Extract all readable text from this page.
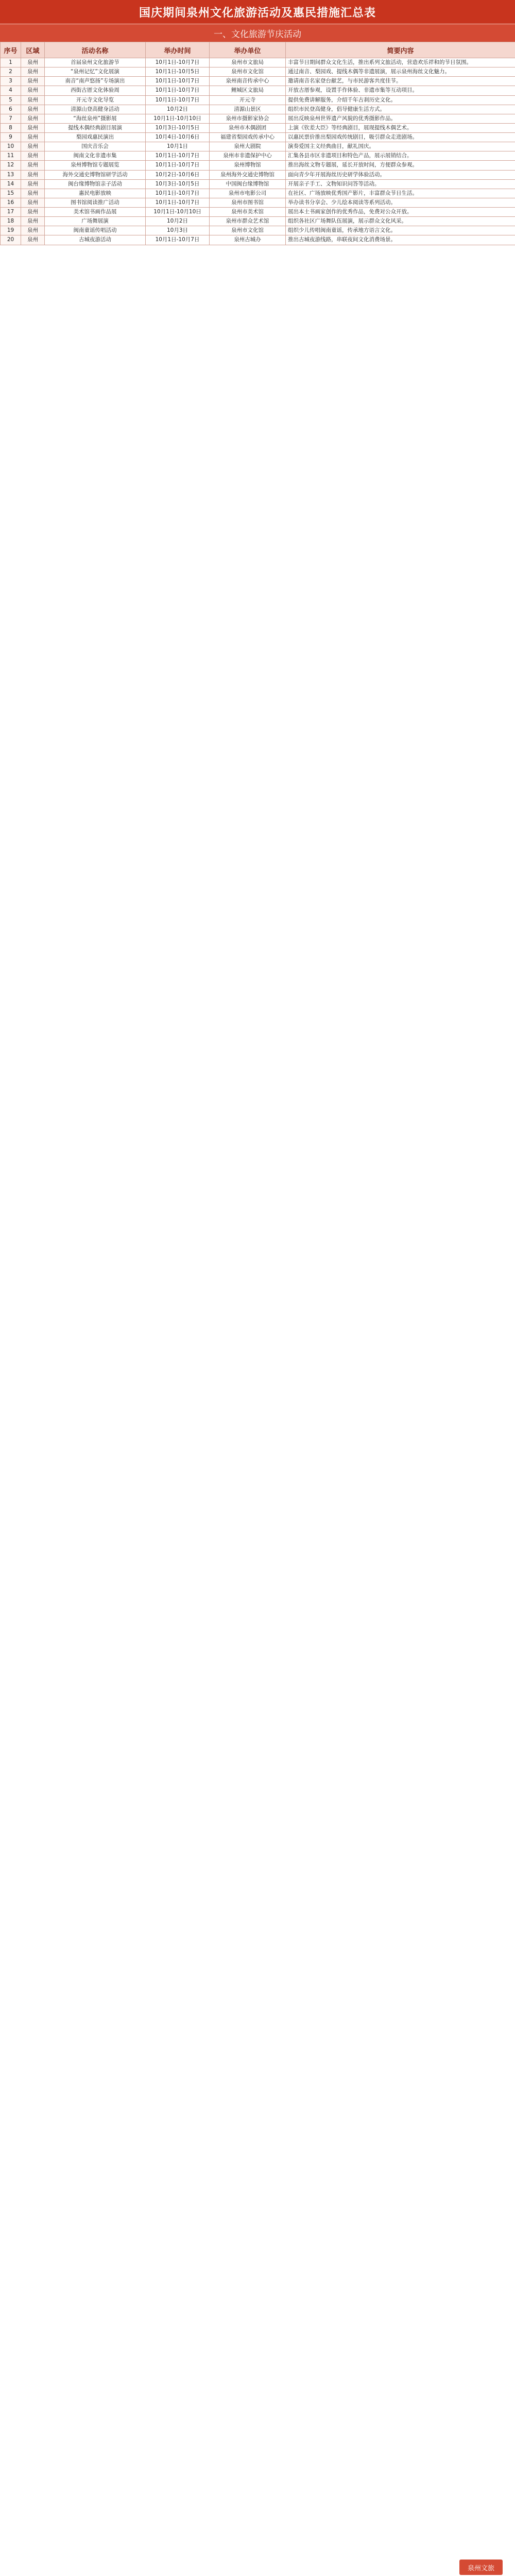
国庆期间泉州文化旅游活动及惠民措施汇总表
一、文化旅游节庆活动
序号	区域	活动名称	举办时间	举办单位	简要内容
1	泉州	首届泉州文化旅游节	10月1日-10月7日	泉州市文旅局	丰富节日期间群众文化生活，推出系列文旅活动，营造欢乐祥和的节日氛围。
2	泉州	“泉州记忆”文化展演	10月1日-10月5日	泉州市文化馆	通过南音、梨园戏、提线木偶等非遗展演，展示泉州海丝文化魅力。
3	泉州	南音“南声悠扬”专场演出	10月1日-10月7日	泉州南音传承中心	邀请南音名家登台献艺，与市民游客共度佳节。
4	泉州	西街古厝文化体验周	10月1日-10月7日	鲤城区文旅局	开放古厝参观，设置手作体验、非遗市集等互动项目。
5	泉州	开元寺文化导览	10月1日-10月7日	开元寺	提供免费讲解服务，介绍千年古刹历史文化。
6	泉州	清源山登高健身活动	10月2日	清源山景区	组织市民登高健身，倡导健康生活方式。
7	泉州	“海丝泉州”摄影展	10月1日-10月10日	泉州市摄影家协会	展出反映泉州世界遗产风貌的优秀摄影作品。
8	泉州	提线木偶经典剧目展演	10月3日-10月5日	泉州市木偶剧团	上演《钦差大臣》等经典剧目，展现提线木偶艺术。
9	泉州	梨园戏惠民演出	10月4日-10月6日	福建省梨园戏传承中心	以惠民票价推出梨园戏传统剧目，吸引群众走进剧场。
10	泉州	国庆音乐会	10月1日	泉州大剧院	演奏爱国主义经典曲目，献礼国庆。
11	泉州	闽南文化非遗市集	10月1日-10月7日	泉州市非遗保护中心	汇集各县市区非遗项目和特色产品，展示展销结合。
12	泉州	泉州博物馆专题展览	10月1日-10月7日	泉州博物馆	推出海丝文物专题展，延长开放时间，方便群众参观。
13	泉州	海外交通史博物馆研学活动	10月2日-10月6日	泉州海外交通史博物馆	面向青少年开展海丝历史研学体验活动。
14	泉州	闽台缘博物馆亲子活动	10月3日-10月5日	中国闽台缘博物馆	开展亲子手工、文物知识问答等活动。
15	泉州	惠民电影放映	10月1日-10月7日	泉州市电影公司	在社区、广场放映优秀国产影片，丰富群众节日生活。
16	泉州	图书馆阅读推广活动	10月1日-10月7日	泉州市图书馆	举办读书分享会、少儿绘本阅读等系列活动。
17	泉州	美术馆书画作品展	10月1日-10月10日	泉州市美术馆	展出本土书画家创作的优秀作品，免费对公众开放。
18	泉州	广场舞展演	10月2日	泉州市群众艺术馆	组织各社区广场舞队伍展演，展示群众文化风采。
19	泉州	闽南童谣传唱活动	10月3日	泉州市文化馆	组织少儿传唱闽南童谣，传承地方语言文化。
20	泉州	古城夜游活动	10月1日-10月7日	泉州古城办	推出古城夜游线路，串联夜间文化消费场景。
泉州文旅
